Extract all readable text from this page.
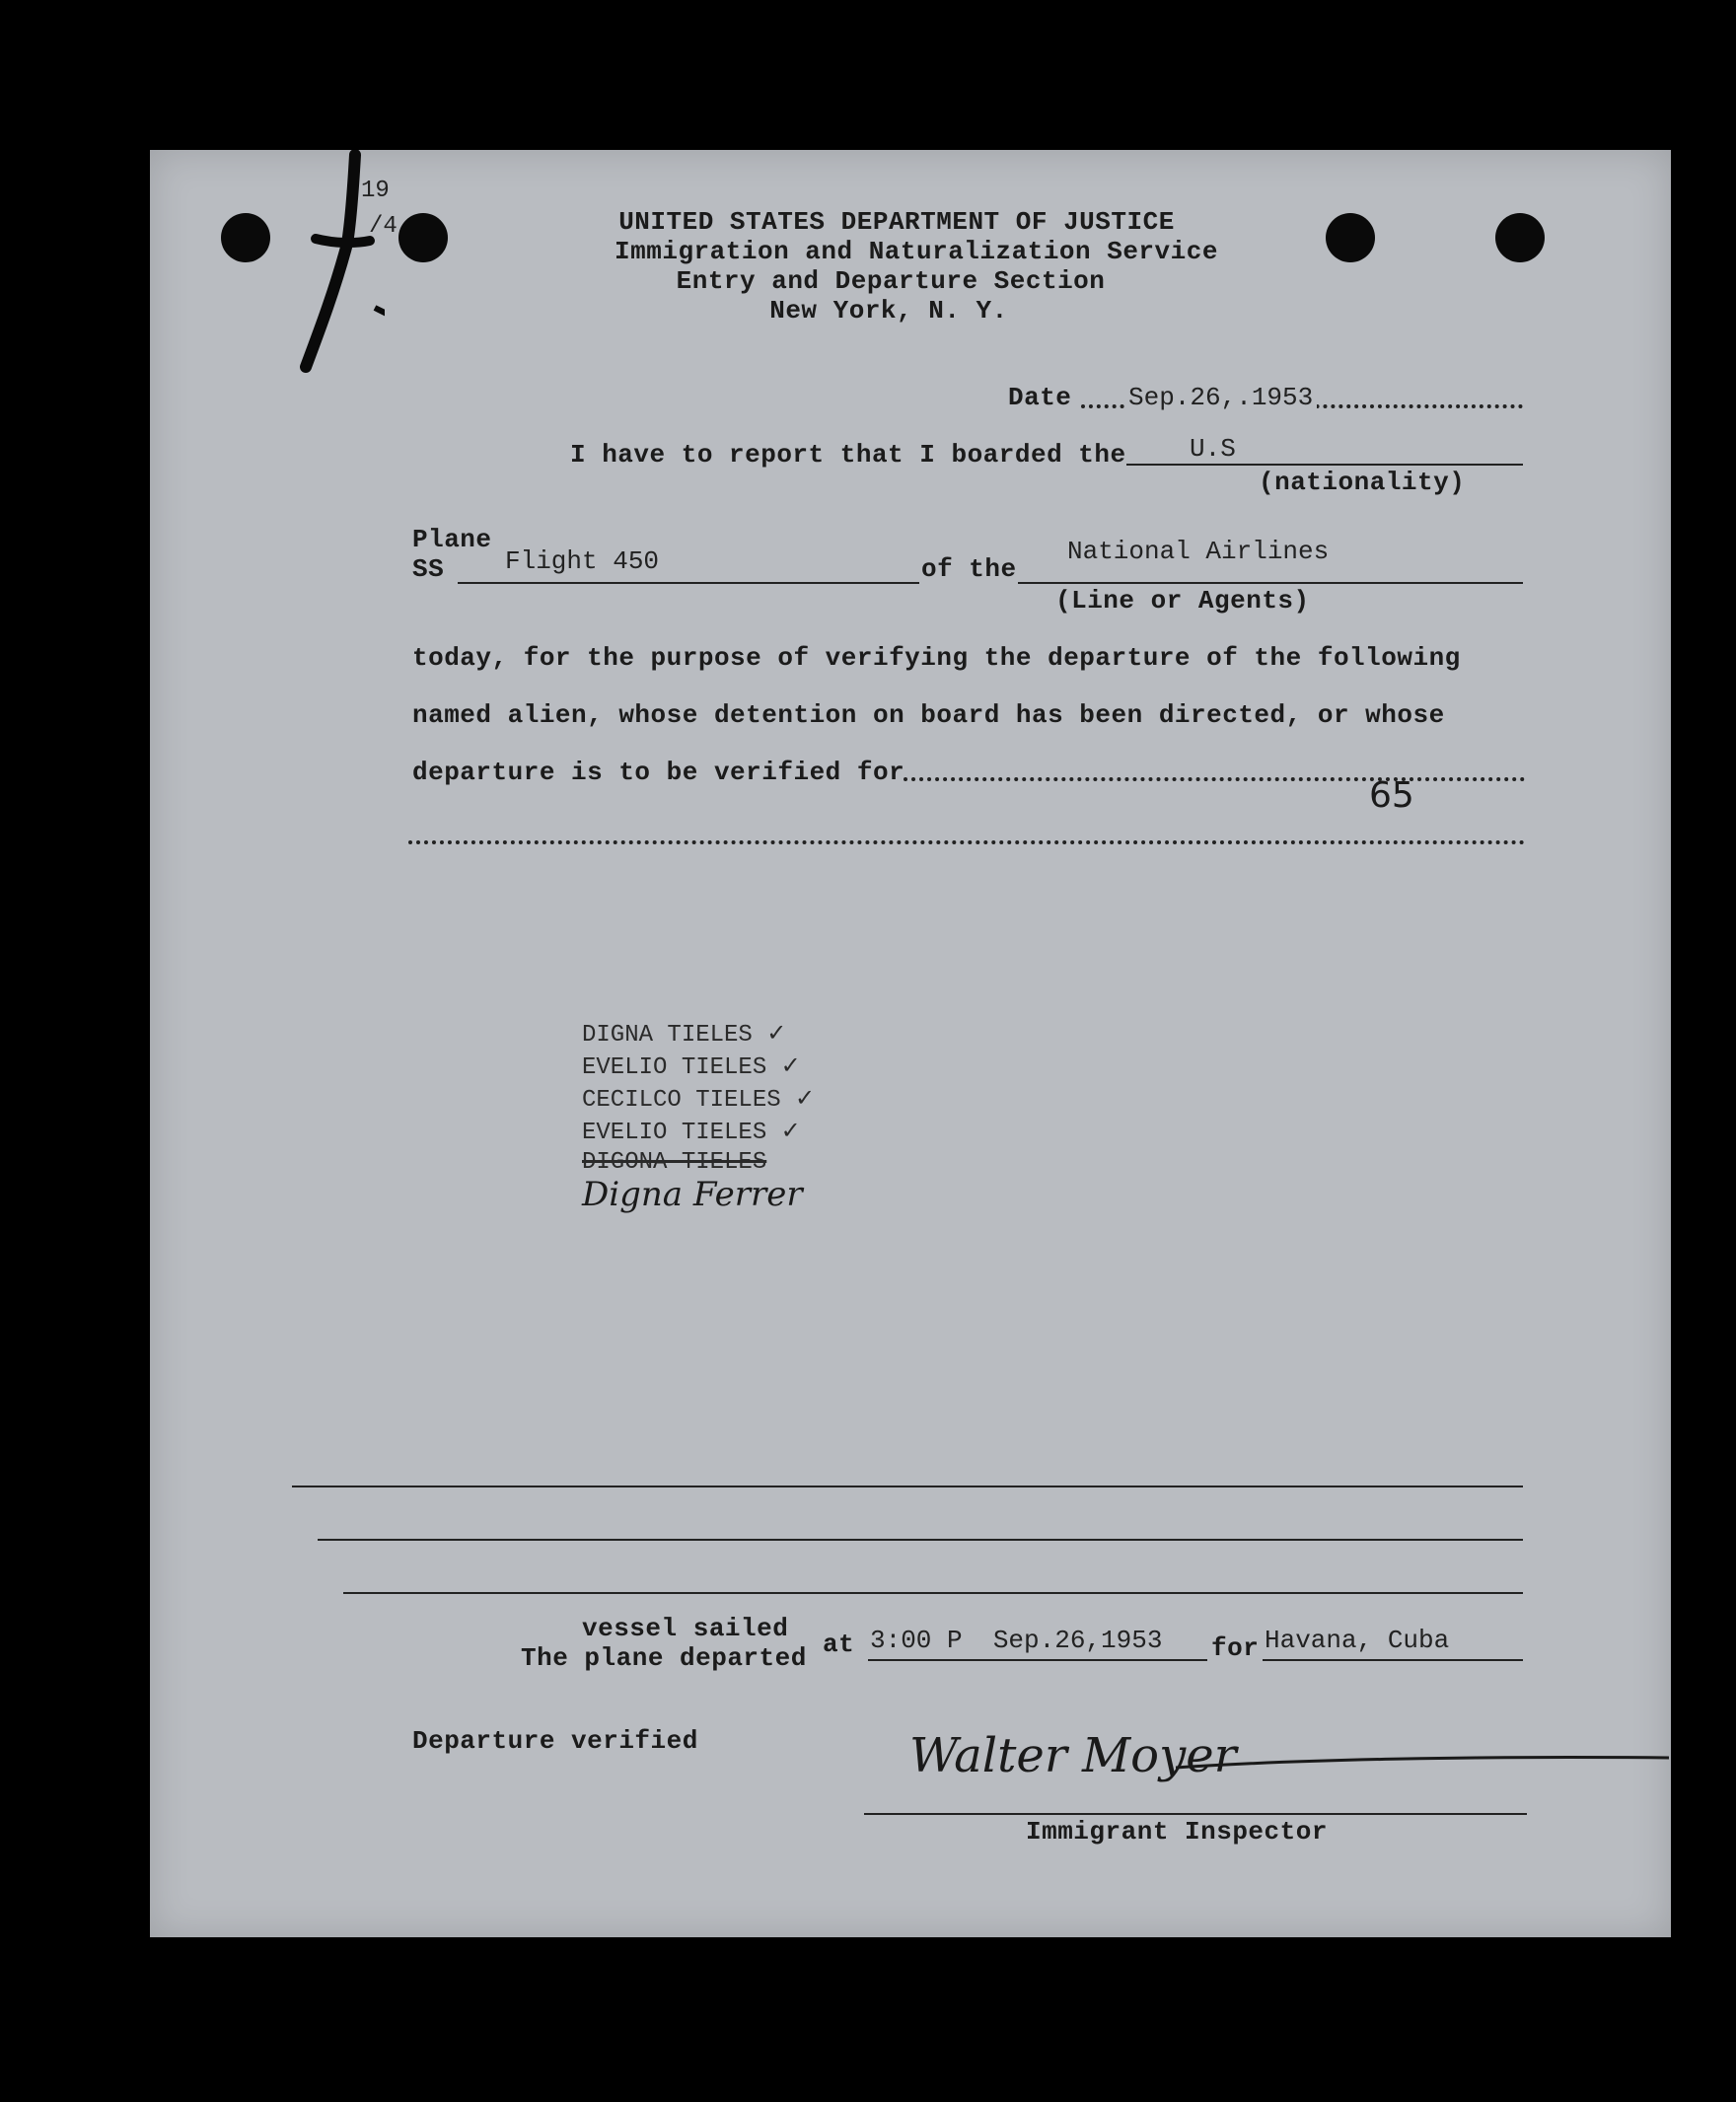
19
/4	UNITED STATES DEPARTMENT OF JUSTICE
Immigration and Naturalization Service
Entry and Departure Section
New York, N. Y.
Date Sep.26,.1953
I have to report that I boarded the U.S
(nationality)
Plane
SS Flight 450	of the
National Airlines
(Line or Agents)
today, for the purpose of verifying the departure of the following
named alien, whose detention on board has been directed, or whose
departure is to be verified for
65
DIGNA TIELES ✓
EVELIO TIELES ✓
CECILCO TIELES ✓
EVELIO TIELES ✓
DIGONA TIELES
Digna Ferrer
vessel sailed
The plane departed at 3:00 P  Sep.26,1953 for Havana, Cuba
Departure verified	Walter Moyer
Immigrant Inspector
